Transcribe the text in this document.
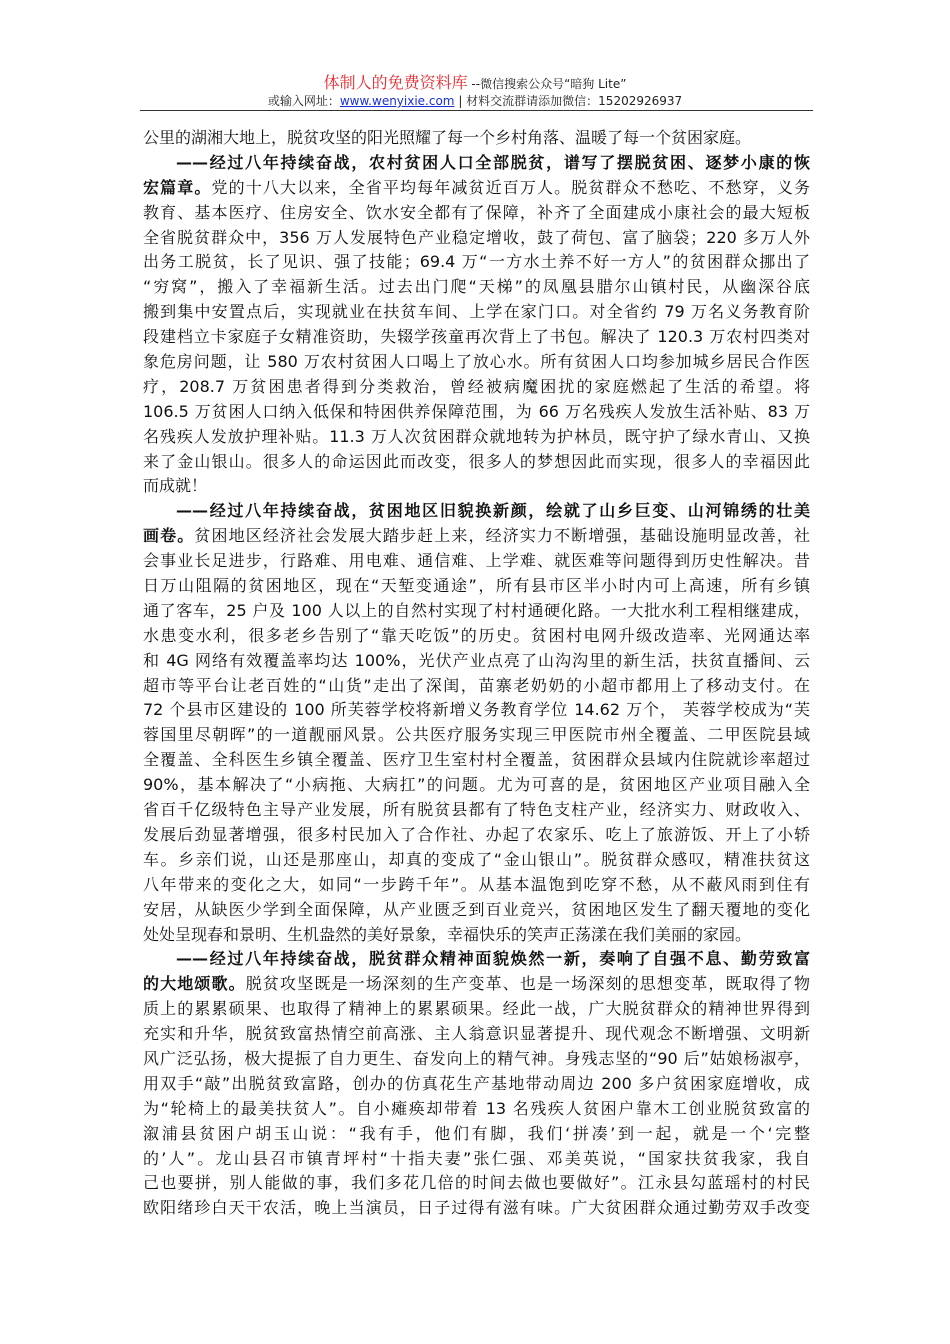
体制人的免费资料库 --微信搜索公众号“暗狗 Lite”
或输入网址：www.wenyixie.com | 材料交流群请添加微信：15202926937
公里的湖湘大地上，脱贫攻坚的阳光照耀了每一个乡村角落、温暖了每一个贫困家庭。
——经过八年持续奋战，农村贫困人口全部脱贫，谱写了摆脱贫困、逐梦小康的恢
宏篇章。党的十八大以来，全省平均每年减贫近百万人。脱贫群众不愁吃、不愁穿，义务
教育、基本医疗、住房安全、饮水安全都有了保障，补齐了全面建成小康社会的最大短板
全省脱贫群众中，356 万人发展特色产业稳定增收，鼓了荷包、富了脑袋；220 多万人外
出务工脱贫，长了见识、强了技能；69.4 万“一方水土养不好一方人”的贫困群众挪出了
“穷窝”，搬入了幸福新生活。过去出门爬“天梯”的凤凰县腊尔山镇村民，从幽深谷底
搬到集中安置点后，实现就业在扶贫车间、上学在家门口。对全省约 79 万名义务教育阶
段建档立卡家庭子女精准资助，失辍学孩童再次背上了书包。解决了 120.3 万农村四类对
象危房问题，让 580 万农村贫困人口喝上了放心水。所有贫困人口均参加城乡居民合作医
疗，208.7 万贫困患者得到分类救治，曾经被病魔困扰的家庭燃起了生活的希望。将
106.5 万贫困人口纳入低保和特困供养保障范围，为 66 万名残疾人发放生活补贴、83 万
名残疾人发放护理补贴。11.3 万人次贫困群众就地转为护林员，既守护了绿水青山、又换
来了金山银山。很多人的命运因此而改变，很多人的梦想因此而实现，很多人的幸福因此
而成就！
——经过八年持续奋战，贫困地区旧貌换新颜，绘就了山乡巨变、山河锦绣的壮美
画卷。贫困地区经济社会发展大踏步赶上来，经济实力不断增强，基础设施明显改善，社
会事业长足进步，行路难、用电难、通信难、上学难、就医难等问题得到历史性解决。昔
日万山阻隔的贫困地区，现在“天堑变通途”，所有县市区半小时内可上高速，所有乡镇
通了客车，25 户及 100 人以上的自然村实现了村村通硬化路。一大批水利工程相继建成，
水患变水利，很多老乡告别了“靠天吃饭”的历史。贫困村电网升级改造率、光网通达率
和 4G 网络有效覆盖率均达 100%，光伏产业点亮了山沟沟里的新生活，扶贫直播间、云
超市等平台让老百姓的“山货”走出了深闺，苗寨老奶奶的小超市都用上了移动支付。在
72 个县市区建设的 100 所芙蓉学校将新增义务教育学位 14.62 万个， 芙蓉学校成为“芙
蓉国里尽朝晖”的一道靓丽风景。公共医疗服务实现三甲医院市州全覆盖、二甲医院县域
全覆盖、全科医生乡镇全覆盖、医疗卫生室村村全覆盖，贫困群众县域内住院就诊率超过
90%，基本解决了“小病拖、大病扛”的问题。尤为可喜的是，贫困地区产业项目融入全
省百千亿级特色主导产业发展，所有脱贫县都有了特色支柱产业，经济实力、财政收入、
发展后劲显著增强，很多村民加入了合作社、办起了农家乐、吃上了旅游饭、开上了小轿
车。乡亲们说，山还是那座山，却真的变成了“金山银山”。脱贫群众感叹，精准扶贫这
八年带来的变化之大，如同“一步跨千年”。从基本温饱到吃穿不愁，从不蔽风雨到住有
安居，从缺医少学到全面保障，从产业匮乏到百业竞兴，贫困地区发生了翻天覆地的变化
处处呈现春和景明、生机盎然的美好景象，幸福快乐的笑声正荡漾在我们美丽的家园。
——经过八年持续奋战，脱贫群众精神面貌焕然一新，奏响了自强不息、勤劳致富
的大地颂歌。脱贫攻坚既是一场深刻的生产变革、也是一场深刻的思想变革，既取得了物
质上的累累硕果、也取得了精神上的累累硕果。经此一战，广大脱贫群众的精神世界得到
充实和升华，脱贫致富热情空前高涨、主人翁意识显著提升、现代观念不断增强、文明新
风广泛弘扬，极大提振了自力更生、奋发向上的精气神。身残志坚的“90 后”姑娘杨淑亭，
用双手“敲”出脱贫致富路，创办的仿真花生产基地带动周边 200 多户贫困家庭增收，成
为“轮椅上的最美扶贫人”。自小瘫痪却带着 13 名残疾人贫困户靠木工创业脱贫致富的
溆浦县贫困户胡玉山说：“我有手，他们有脚，我们‘拼凑’到一起，就是一个‘完整
的’人”。龙山县召市镇青坪村“十指夫妻”张仁强、邓美英说，“国家扶贫我家，我自
己也要拼，别人能做的事，我们多花几倍的时间去做也要做好”。江永县勾蓝瑶村的村民
欧阳绪珍白天干农活，晚上当演员，日子过得有滋有味。广大贫困群众通过勤劳双手改变
